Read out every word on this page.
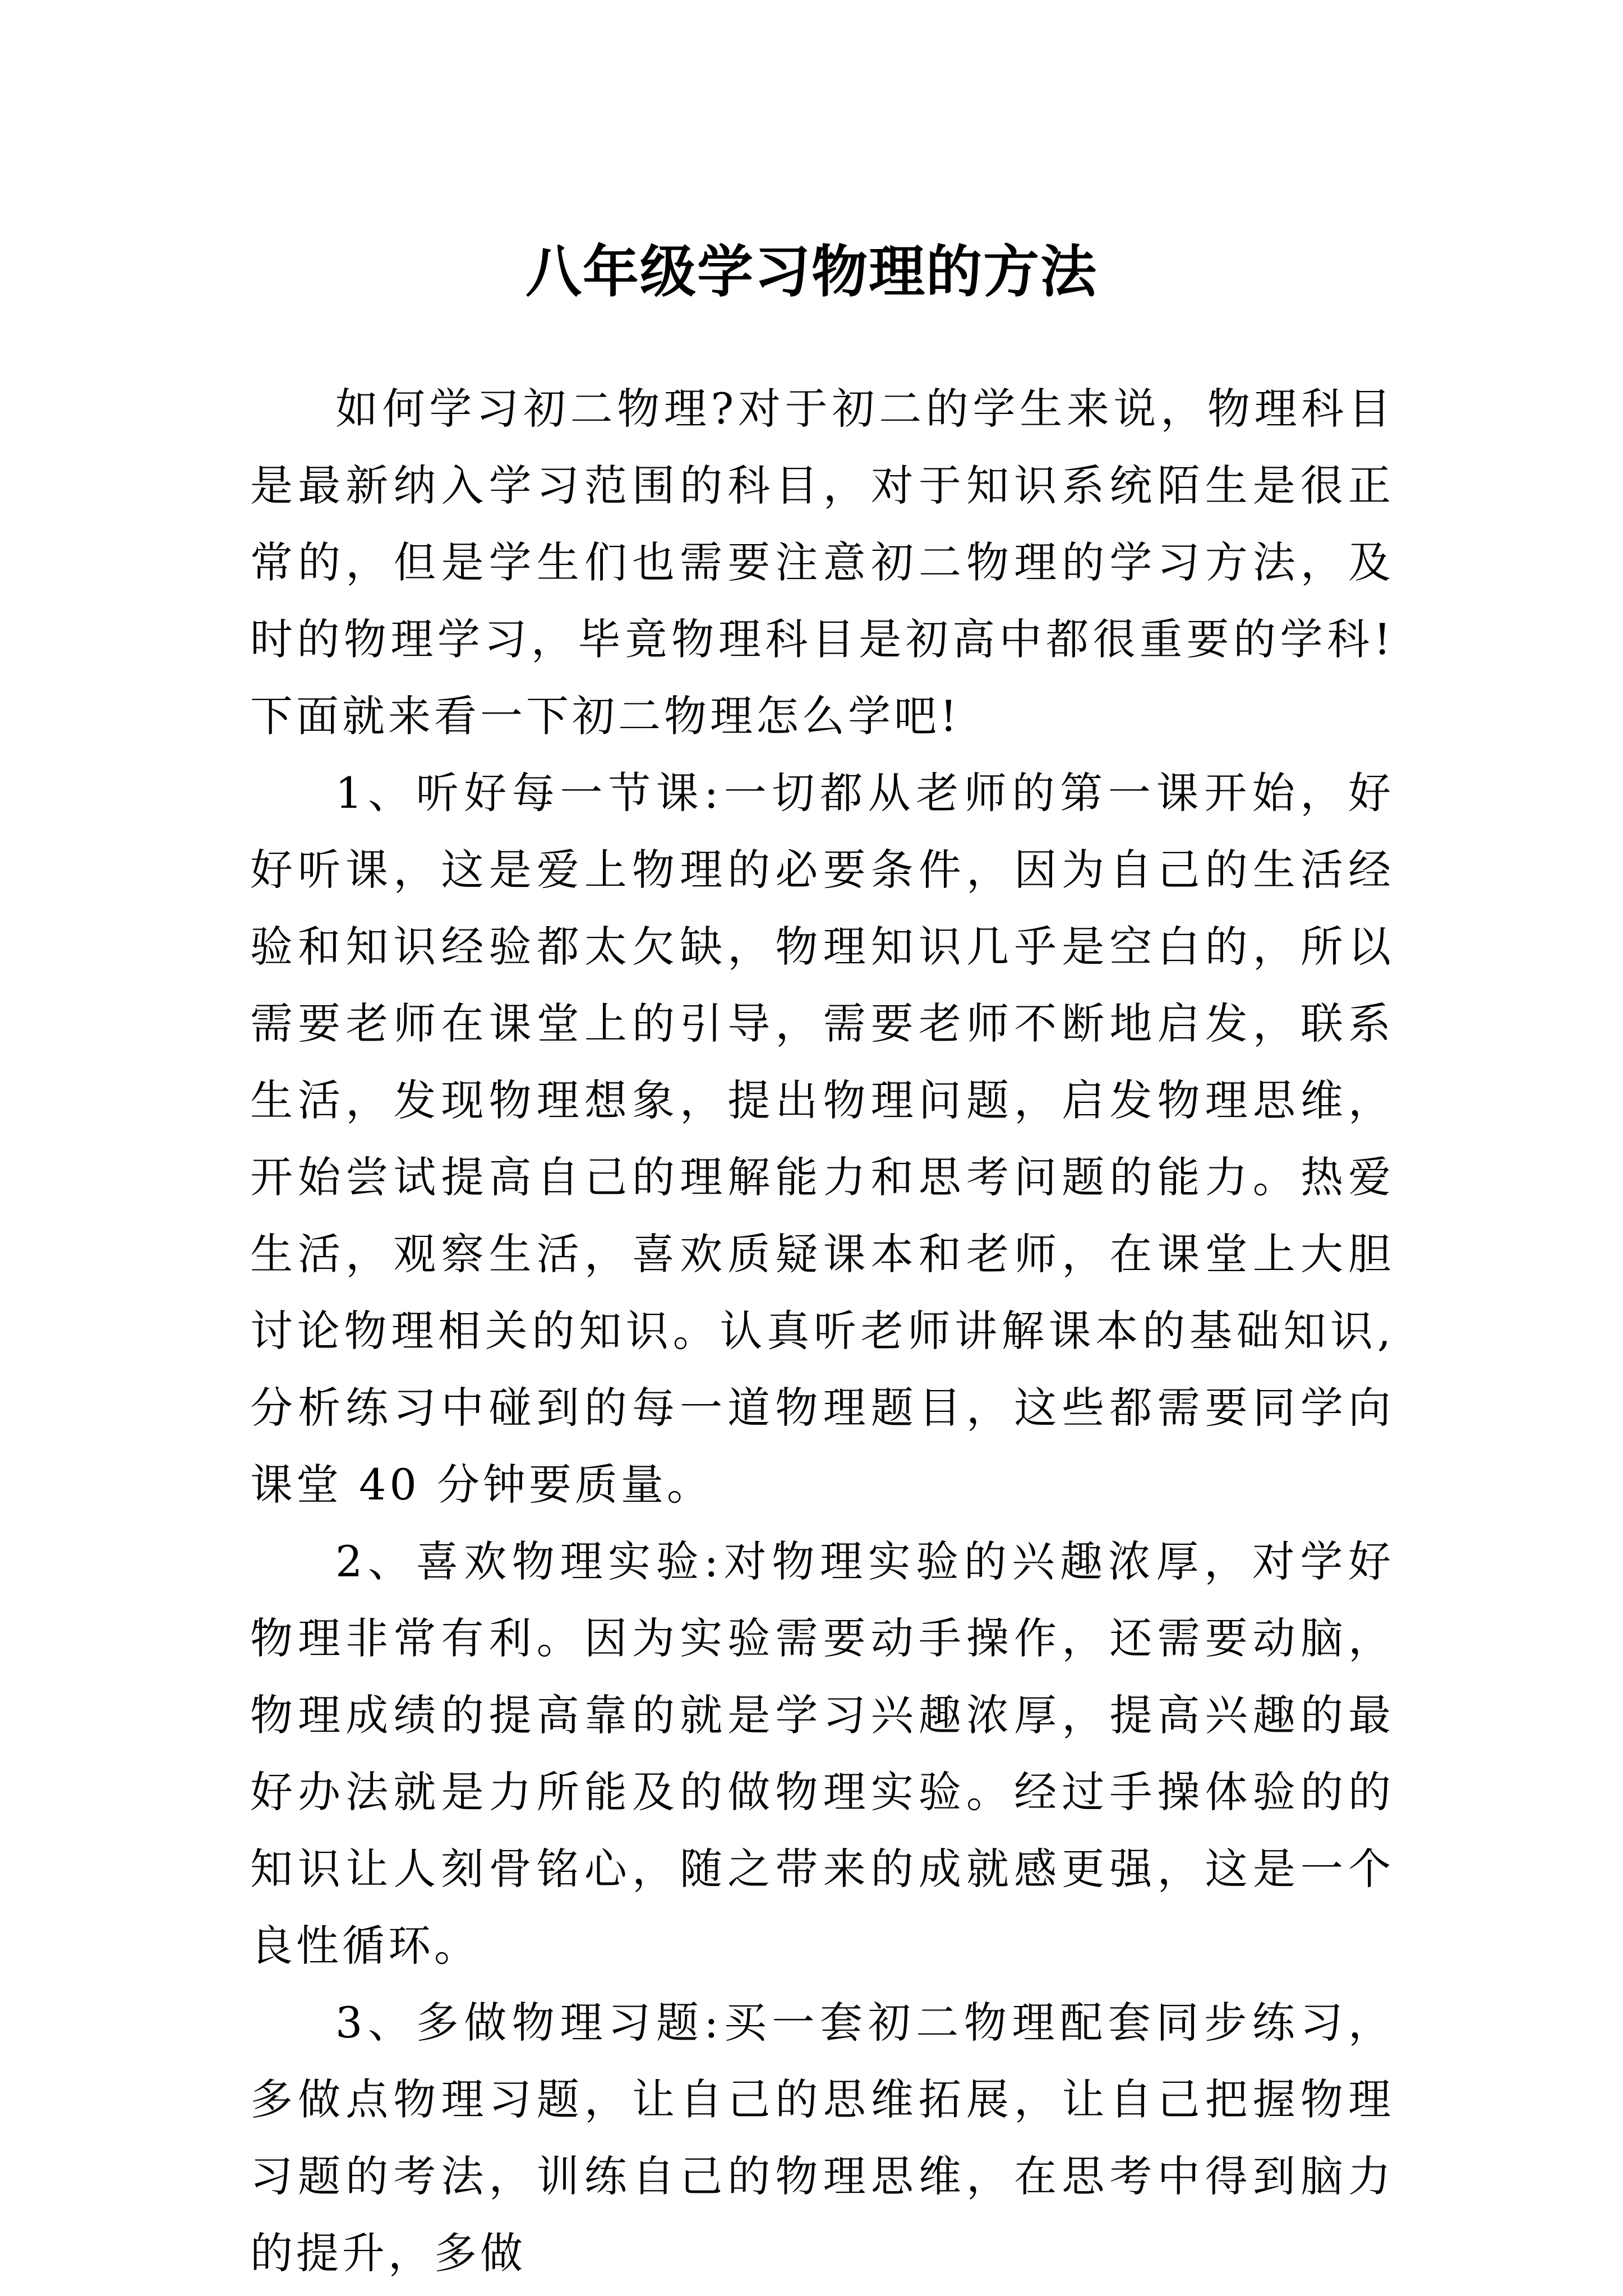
八年级学习物理的方法

如何学习初二物理?对于初二的学生来说，物理科目是最新纳入学习范围的科目，对于知识系统陌生是很正常的，但是学生们也需要注意初二物理的学习方法，及时的物理学习，毕竟物理科目是初高中都很重要的学科!下面就来看一下初二物理怎么学吧!

1、听好每一节课:一切都从老师的第一课开始，好好听课，这是爱上物理的必要条件，因为自己的生活经验和知识经验都太欠缺，物理知识几乎是空白的，所以需要老师在课堂上的引导，需要老师不断地启发，联系生活，发现物理想象，提出物理问题，启发物理思维，开始尝试提高自己的理解能力和思考问题的能力。热爱生活，观察生活，喜欢质疑课本和老师，在课堂上大胆讨论物理相关的知识。认真听老师讲解课本的基础知识,分析练习中碰到的每一道物理题目，这些都需要同学向课堂 40 分钟要质量。

2、喜欢物理实验:对物理实验的兴趣浓厚，对学好物理非常有利。因为实验需要动手操作，还需要动脑，物理成绩的提高靠的就是学习兴趣浓厚，提高兴趣的最好办法就是力所能及的做物理实验。经过手操体验的的知识让人刻骨铭心，随之带来的成就感更强，这是一个良性循环。

3、多做物理习题:买一套初二物理配套同步练习，多做点物理习题，让自己的思维拓展，让自己把握物理习题的考法，训练自己的物理思维，在思考中得到脑力的提升，多做
